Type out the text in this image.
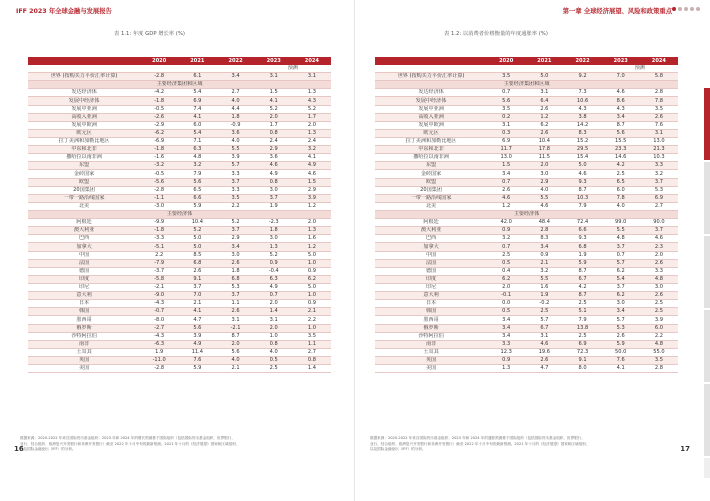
IFF 2023 年全球金融与发展报告
表 1.1: 年度 GDP 增长率 (%)
	2020	2021	2022	2023	2024
				预测	
世界 (按购买力平价汇率计算)	-2.8	6.1	3.4	3.1	3.1
主要经济集团和区域					
发达经济体	-4.2	5.4	2.7	1.5	1.3
发展中经济体	-1.8	6.9	4.0	4.1	4.3
发展中亚洲	-0.5	7.4	4.4	5.2	5.2
高收入亚洲	-2.6	4.1	1.8	2.0	1.7
发展中欧洲	-2.9	6.0	-0.9	1.7	2.0
欧元区	-6.2	5.4	3.6	0.8	1.3
拉丁美洲和加勒比地区	-6.9	7.1	4.0	2.4	2.4
中东和北非	-1.8	6.3	5.5	2.9	3.2
撒哈拉以南非洲	-1.6	4.8	3.9	3.6	4.1
东盟	-3.2	3.2	5.7	4.6	4.9
金砖国家	-0.5	7.9	3.3	4.9	4.6
欧盟	-5.6	5.6	3.7	0.8	1.5
20国集团	-2.8	6.5	3.3	3.0	2.9
一带一路沿线国家	-1.1	6.6	3.5	3.7	3.9
北美	-3.0	5.9	2.2	1.9	1.2
主要经济体					
阿根廷	-9.9	10.4	5.2	-2.3	2.0
澳大利亚	-1.8	5.2	3.7	1.8	1.3
巴西	-3.3	5.0	2.9	3.0	1.6
加拿大	-5.1	5.0	3.4	1.3	1.2
中国	2.2	8.5	3.0	5.2	5.0
法国	-7.9	6.8	2.6	0.9	1.0
德国	-3.7	2.6	1.8	-0.4	0.9
印度	-5.8	9.1	6.8	6.3	6.2
印尼	-2.1	3.7	5.3	4.9	5.0
意大利	-9.0	7.0	3.7	0.7	1.0
日本	-4.3	2.1	1.1	2.0	0.9
韩国	-0.7	4.1	2.6	1.4	2.1
墨西哥	-8.0	4.7	3.1	3.1	2.2
俄罗斯	-2.7	5.6	-2.1	2.0	1.0
沙特阿拉伯	-4.3	3.9	8.7	1.0	3.5
南非	-6.3	4.9	2.0	0.8	1.1
土耳其	1.9	11.4	5.6	4.0	2.7
英国	-11.0	7.6	4.0	0.5	0.8
美国	-2.8	5.9	2.1	2.5	1.4
数据来源：2020-2022 年来自国际货币基金组织；2023 年和 2024 年的增长预测基于国际组织（包括国际货币基金组织、世界银行、
亚行、经合组织、欧洲复兴开发银行和非洲开发银行）截至 2022 年十月中旬的最新预测。2021 年十月的《经济展望》国家和区域组别，
以及国际金融论坛（IFF）的分析。
16
第一章 全球经济展望、风险和政策重点
表 1.2: 以消费者价格衡量的年度通胀率 (%)
	2020	2021	2022	2023	2024
				预测	
世界 (按购买力平价汇率计算)	3.5	5.0	9.2	7.0	5.8
主要经济集团和区域					
发达经济体	0.7	3.1	7.3	4.6	2.8
发展中经济体	5.6	6.4	10.6	8.6	7.8
发展中亚洲	3.5	2.6	4.3	4.3	3.5
高收入亚洲	0.2	1.2	3.8	3.4	2.6
发展中欧洲	3.1	6.2	14.2	8.7	7.6
欧元区	0.3	2.6	8.3	5.6	3.1
拉丁美洲和加勒比地区	6.9	10.4	15.2	15.5	13.0
中东和北非	11.7	17.8	29.5	23.3	21.3
撒哈拉以南非洲	13.0	11.5	15.4	14.6	10.3
东盟	1.5	2.0	5.0	4.2	3.3
金砖国家	3.4	3.0	4.6	2.5	3.2
欧盟	0.7	2.9	9.3	6.5	3.7
20国集团	2.6	4.0	8.7	6.0	5.3
一带一路沿线国家	4.6	5.5	10.3	7.8	6.9
北美	1.2	4.6	7.9	4.0	2.7
主要经济体					
阿根廷	42.0	48.4	72.4	99.0	90.0
澳大利亚	0.9	2.8	6.6	5.5	3.7
巴西	3.2	8.3	9.3	4.8	4.6
加拿大	0.7	3.4	6.8	3.7	2.3
中国	2.5	0.9	1.9	0.7	2.0
法国	0.5	2.1	5.9	5.7	2.6
德国	0.4	3.2	8.7	6.2	3.3
印度	6.2	5.5	6.7	5.4	4.8
印尼	2.0	1.6	4.2	3.7	3.0
意大利	-0.1	1.9	8.7	6.2	2.6
日本	0.0	-0.2	2.5	3.0	2.5
韩国	0.5	2.5	5.1	3.4	2.5
墨西哥	3.4	5.7	7.9	5.7	3.9
俄罗斯	3.4	6.7	13.8	5.3	6.0
沙特阿拉伯	3.4	3.1	2.5	2.6	2.2
南非	3.3	4.6	6.9	5.9	4.8
土耳其	12.3	19.6	72.3	50.0	55.0
英国	0.9	2.6	9.1	7.6	3.5
美国	1.3	4.7	8.0	4.1	2.8
数据来源：2020-2022 年来自国际货币基金组织；2023 年和 2024 年的通胀预测基于国际组织（包括国际货币基金组织、世界银行、
亚行、经合组织、欧洲复兴开发银行和非洲开发银行）截至 2022 年十月中旬的最新预测。2021 年十月的《经济展望》国家和区域组别，
以及国际金融论坛（IFF）的分析。	17
